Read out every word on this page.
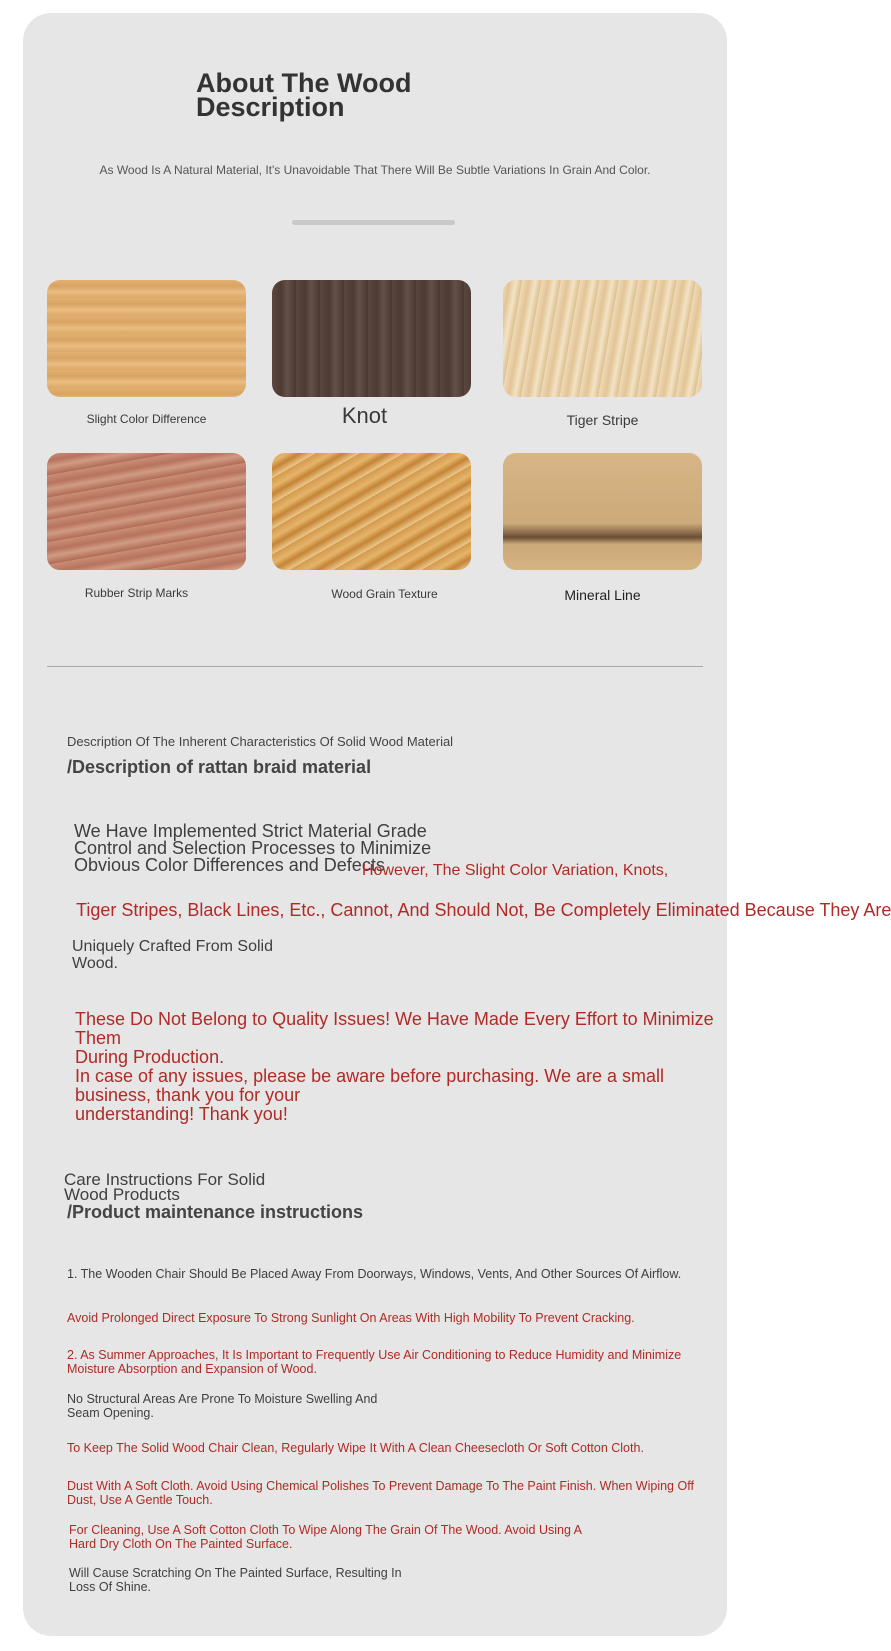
About The Wood
Description
As Wood Is A Natural Material, It's Unavoidable That There Will Be Subtle Variations In Grain And Color.
Slight Color Difference	Knot	Tiger Stripe
Rubber Strip Marks	Wood Grain Texture	Mineral Line
Description Of The Inherent Characteristics Of Solid Wood Material
/Description of rattan braid material
We Have Implemented Strict Material Grade
Control and Selection Processes to Minimize
Obvious Color Differences and Defects
However, The Slight Color Variation, Knots,
Tiger Stripes, Black Lines, Etc., Cannot, And Should Not, Be Completely Eliminated Because They Are
Uniquely Crafted From Solid
Wood.
These Do Not Belong to Quality Issues! We Have Made Every Effort to Minimize Them
During Production.
In case of any issues, please be aware before purchasing. We are a small business, thank you for your
understanding! Thank you!
Care Instructions For Solid
Wood Products
/Product maintenance instructions
1. The Wooden Chair Should Be Placed Away From Doorways, Windows, Vents, And Other Sources Of Airflow.
Avoid Prolonged Direct Exposure To Strong Sunlight On Areas With High Mobility To Prevent Cracking.
2. As Summer Approaches, It Is Important to Frequently Use Air Conditioning to Reduce Humidity and Minimize
Moisture Absorption and Expansion of Wood.
No Structural Areas Are Prone To Moisture Swelling And
Seam Opening.
To Keep The Solid Wood Chair Clean, Regularly Wipe It With A Clean Cheesecloth Or Soft Cotton Cloth.
Dust With A Soft Cloth. Avoid Using Chemical Polishes To Prevent Damage To The Paint Finish. When Wiping Off
Dust, Use A Gentle Touch.
For Cleaning, Use A Soft Cotton Cloth To Wipe Along The Grain Of The Wood. Avoid Using A
Hard Dry Cloth On The Painted Surface.
Will Cause Scratching On The Painted Surface, Resulting In
Loss Of Shine.
